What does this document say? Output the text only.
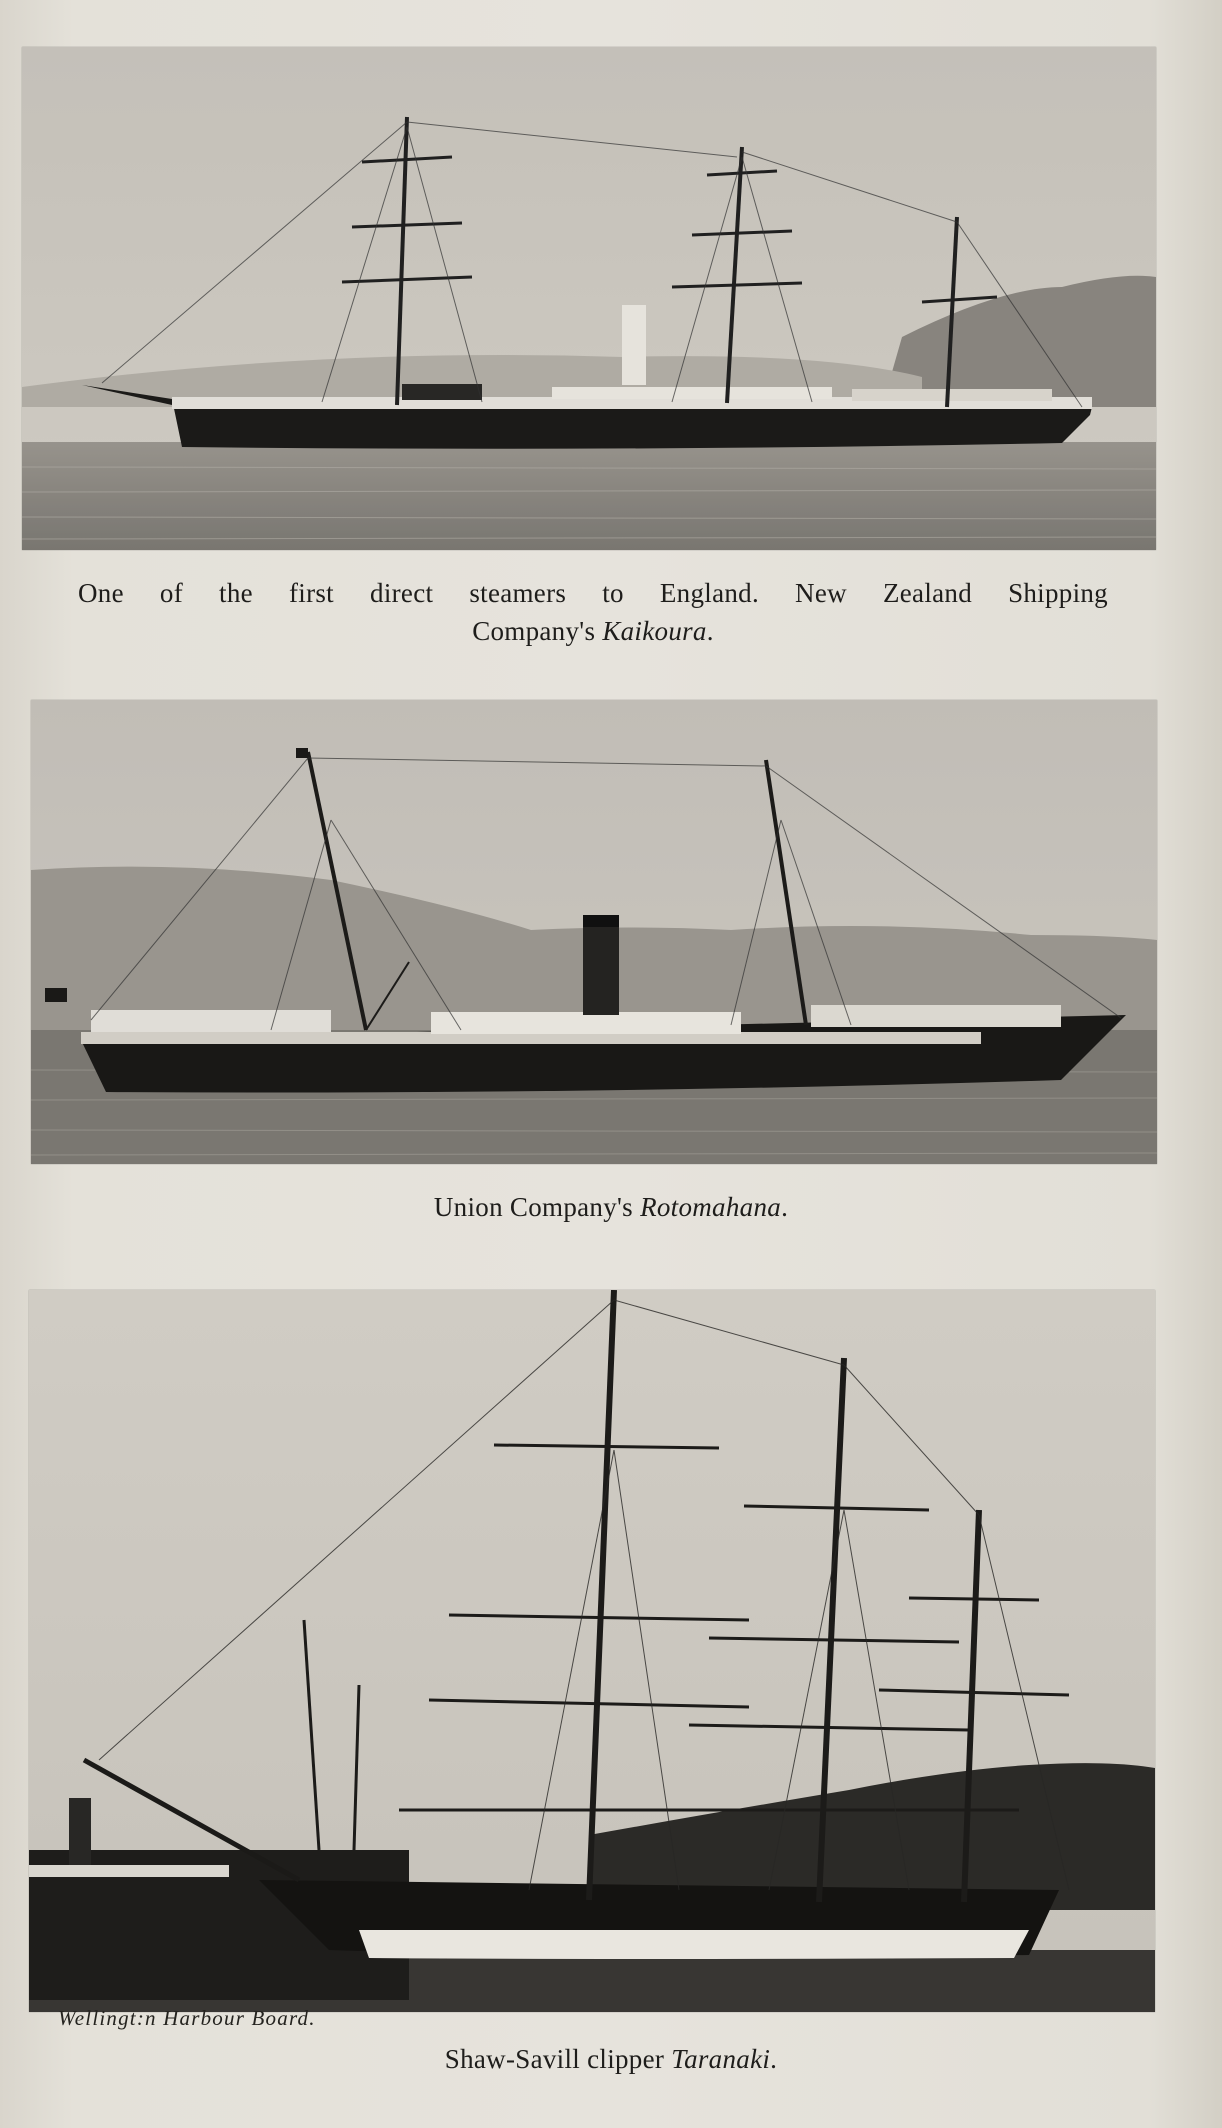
One of the first direct steamers to England. New Zealand Shipping
Company's Kaikoura.
Union Company's Rotomahana.
Wellingt:n Harbour Board.
Shaw-Savill clipper Taranaki.
